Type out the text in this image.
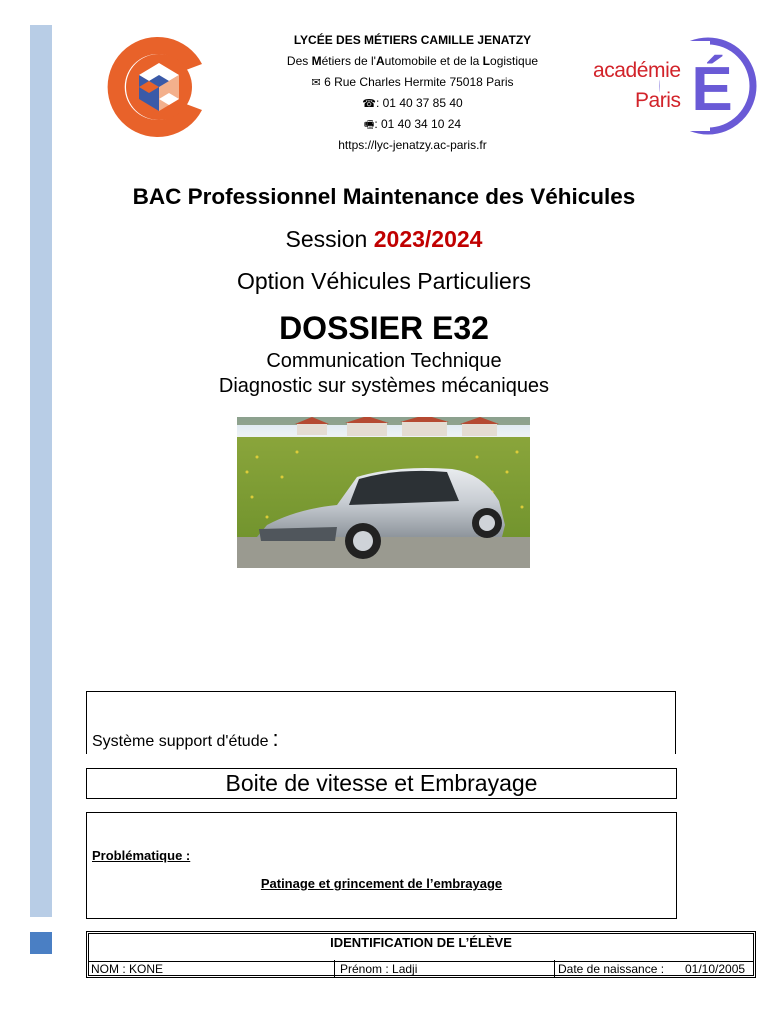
LYCÉE DES MÉTIERS CAMILLE JENATZY
Des Métiers de l'Automobile et de la Logistique
✉ 6 Rue Charles Hermite 75018 Paris
☎: 01 40 37 85 40
🖷: 01 40 34 10 24
https://lyc-jenatzy.ac-paris.fr
É
académie
Paris
BAC Professionnel Maintenance des Véhicules
Session 2023/2024
Option Véhicules Particuliers
DOSSIER E32
Communication Technique
Diagnostic sur systèmes mécaniques
Système support d'étude :
Boite de vitesse et Embrayage
Problématique :
Patinage et grincement de l’embrayage
IDENTIFICATION DE L’ÉLÈVE
NOM : KONE	Prénom : Ladji	Date de naissance : 01/10/2005
